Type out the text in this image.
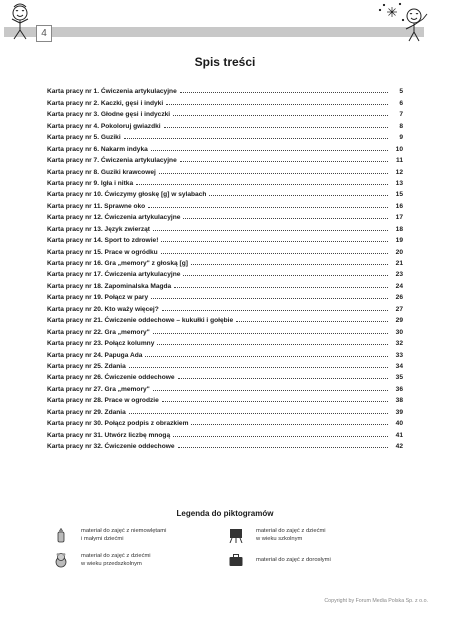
4
Spis treści
Karta pracy nr 1. Ćwiczenia artykulacyjne	5
Karta pracy nr 2. Kaczki, gęsi i indyki	6
Karta pracy nr 3. Głodne gęsi i indyczki	7
Karta pracy nr 4. Pokoloruj gwiazdki	8
Karta pracy nr 5. Guziki	9
Karta pracy nr 6. Nakarm indyka	10
Karta pracy nr 7. Ćwiczenia artykulacyjne	11
Karta pracy nr 8. Guziki krawcowej	12
Karta pracy nr 9. Igła i nitka	13
Karta pracy nr 10. Ćwiczymy głoskę [g] w sylabach	15
Karta pracy nr 11. Sprawne oko	16
Karta pracy nr 12. Ćwiczenia artykulacyjne	17
Karta pracy nr 13. Język zwierząt	18
Karta pracy nr 14. Sport to zdrowie!	19
Karta pracy nr 15. Prace w ogródku	20
Karta pracy nr 16. Gra „memory" z głoską [g]	21
Karta pracy nr 17. Ćwiczenia artykulacyjne	23
Karta pracy nr 18. Zapominalska Magda	24
Karta pracy nr 19. Połącz w pary	26
Karta pracy nr 20. Kto waży więcej?	27
Karta pracy nr 21. Ćwiczenie oddechowe – kukułki i gołębie	29
Karta pracy nr 22. Gra „memory"	30
Karta pracy nr 23. Połącz kolumny	32
Karta pracy nr 24. Papuga Ada	33
Karta pracy nr 25. Zdania	34
Karta pracy nr 26. Ćwiczenie oddechowe	35
Karta pracy nr 27. Gra „memory"	36
Karta pracy nr 28. Prace w ogrodzie	38
Karta pracy nr 29. Zdania	39
Karta pracy nr 30. Połącz podpis z obrazkiem	40
Karta pracy nr 31. Utwórz liczbę mnogą	41
Karta pracy nr 32. Ćwiczenie oddechowe	42
Legenda do piktogramów
materiał do zajęć z niemowlętami
i małymi dziećmi
materiał do zajęć z dziećmi
w wieku przedszkolnym
materiał do zajęć z dziećmi
w wieku szkolnym
materiał do zajęć z dorosłymi
Copyright by Forum Media Polska Sp. z o.o.
